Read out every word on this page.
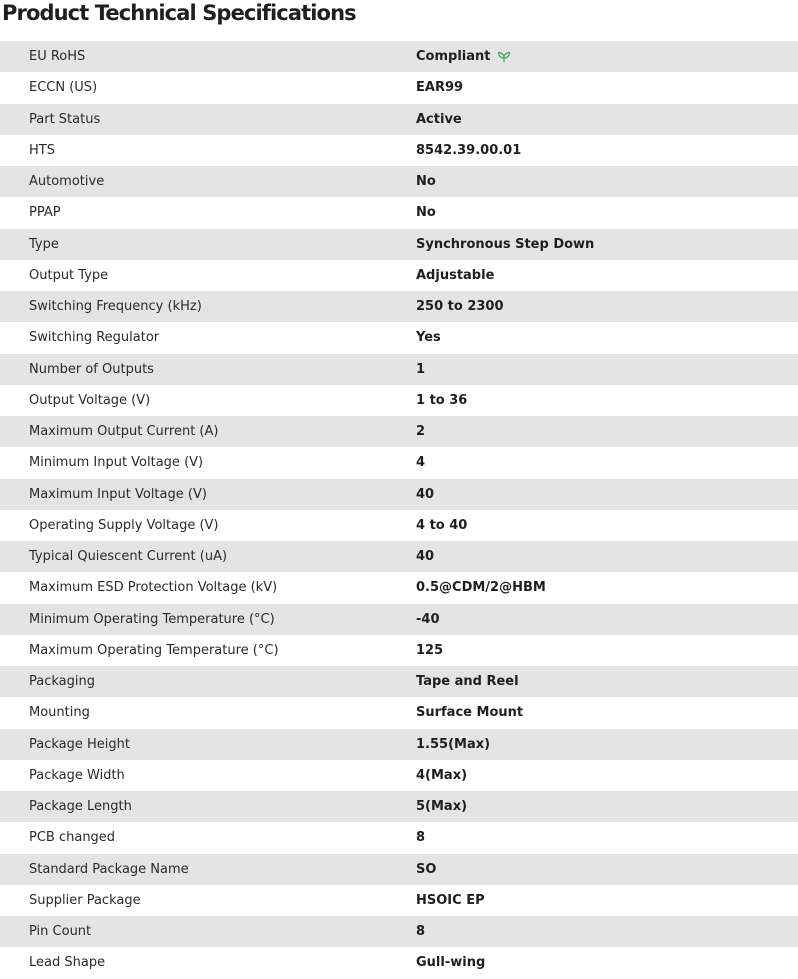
Product Technical Specifications
EU RoHS	Compliant
ECCN (US)	EAR99
Part Status	Active
HTS	8542.39.00.01
Automotive	No
PPAP	No
Type	Synchronous Step Down
Output Type	Adjustable
Switching Frequency (kHz)	250 to 2300
Switching Regulator	Yes
Number of Outputs	1
Output Voltage (V)	1 to 36
Maximum Output Current (A)	2
Minimum Input Voltage (V)	4
Maximum Input Voltage (V)	40
Operating Supply Voltage (V)	4 to 40
Typical Quiescent Current (uA)	40
Maximum ESD Protection Voltage (kV)	0.5@CDM/2@HBM
Minimum Operating Temperature (°C)	-40
Maximum Operating Temperature (°C)	125
Packaging	Tape and Reel
Mounting	Surface Mount
Package Height	1.55(Max)
Package Width	4(Max)
Package Length	5(Max)
PCB changed	8
Standard Package Name	SO
Supplier Package	HSOIC EP
Pin Count	8
Lead Shape	Gull-wing
